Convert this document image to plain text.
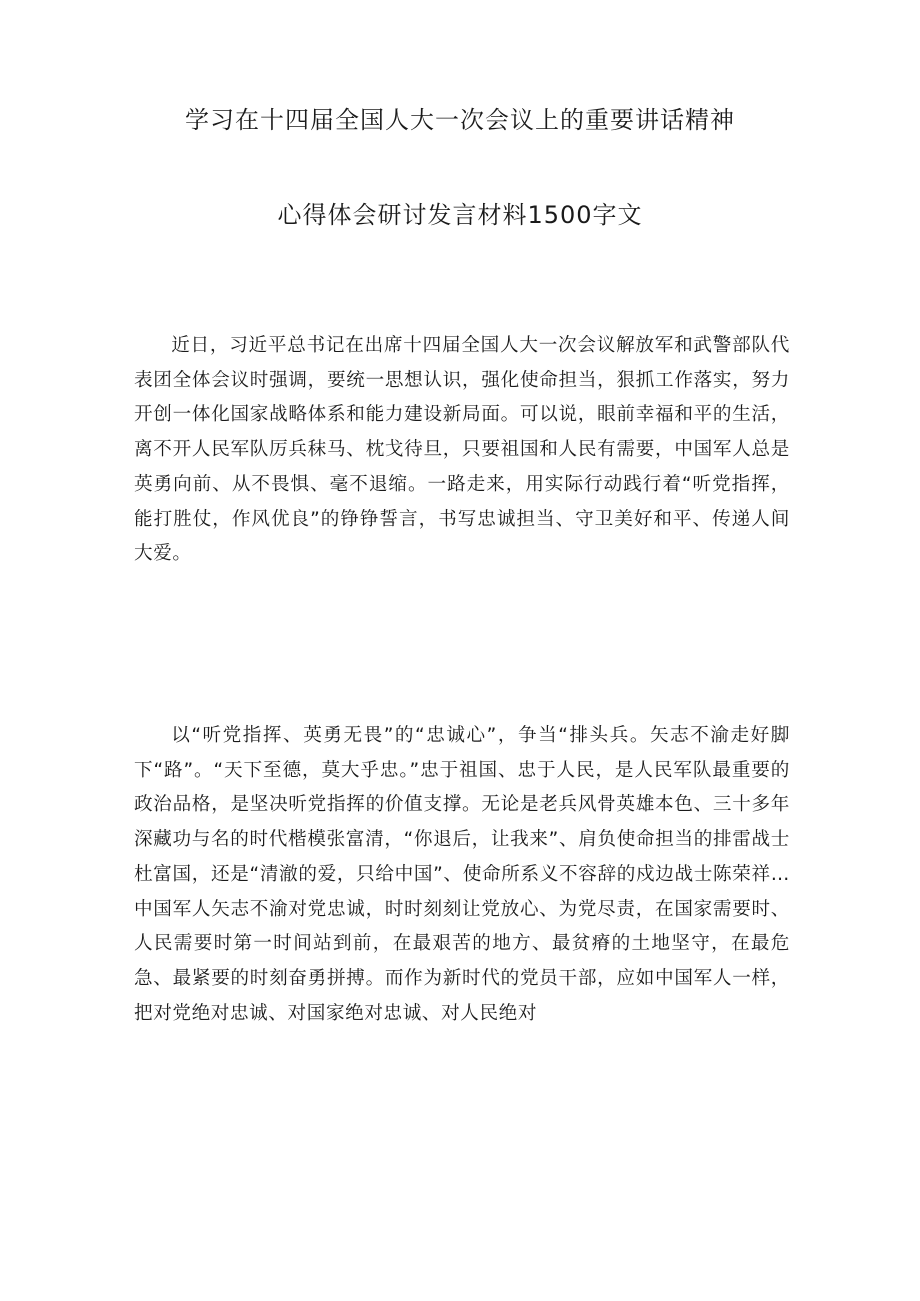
学习在十四届全国人大一次会议上的重要讲话精神
心得体会研讨发言材料1500字文

近日，习近平总书记在出席十四届全国人大一次会议解放军和武警部队代表团全体会议时强调，要统一思想认识，强化使命担当，狠抓工作落实，努力开创一体化国家战略体系和能力建设新局面。可以说，眼前幸福和平的生活，离不开人民军队厉兵秣马、枕戈待旦，只要祖国和人民有需要，中国军人总是英勇向前、从不畏惧、毫不退缩。一路走来，用实际行动践行着“听党指挥，能打胜仗，作风优良”的铮铮誓言，书写忠诚担当、守卫美好和平、传递人间大爱。

以“听党指挥、英勇无畏”的“忠诚心”，争当“排头兵。矢志不渝走好脚下“路”。“天下至德，莫大乎忠。”忠于祖国、忠于人民，是人民军队最重要的政治品格，是坚决听党指挥的价值支撑。无论是老兵风骨英雄本色、三十多年深藏功与名的时代楷模张富清，“你退后，让我来”、肩负使命担当的排雷战士杜富国，还是“清澈的爱，只给中国”、使命所系义不容辞的戍边战士陈荣祥…中国军人矢志不渝对党忠诚，时时刻刻让党放心、为党尽责，在国家需要时、人民需要时第一时间站到前，在最艰苦的地方、最贫瘠的土地坚守，在最危急、最紧要的时刻奋勇拼搏。而作为新时代的党员干部，应如中国军人一样，把对党绝对忠诚、对国家绝对忠诚、对人民绝对
